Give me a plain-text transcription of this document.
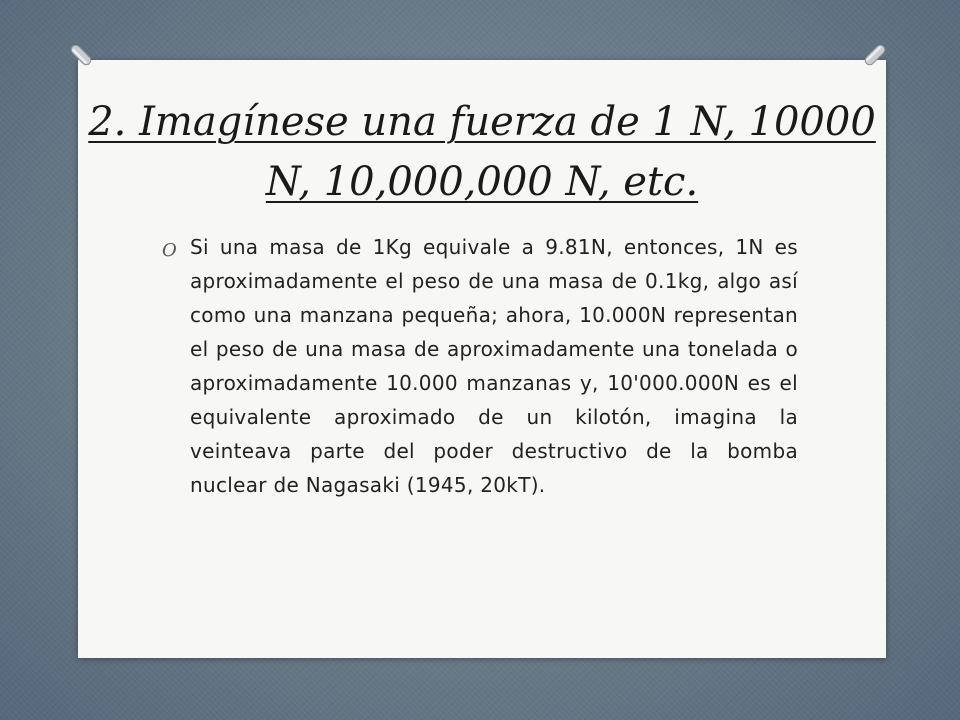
2. Imagínese una fuerza de 1 N, 10000 N, 10,000,000 N, etc.
O Si una masa de 1Kg equivale a 9.81N, entonces, 1N es aproximadamente el peso de una masa de 0.1kg, algo así como una manzana pequeña; ahora, 10.000N representan el peso de una masa de aproximadamente una tonelada o aproximadamente 10.000 manzanas y, 10'000.000N es el equivalente aproximado de un kilotón, imagina la veinteava parte del poder destructivo de la bomba nuclear de Nagasaki (1945, 20kT).
